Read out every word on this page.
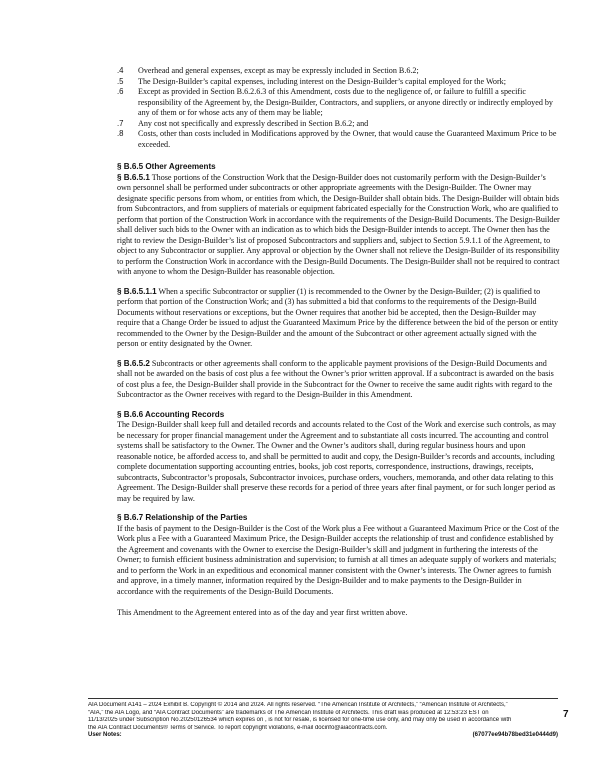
.4	Overhead and general expenses, except as may be expressly included in Section B.6.2;
.5	The Design-Builder’s capital expenses, including interest on the Design-Builder’s capital employed for the Work;
.6	Except as provided in Section B.6.2.6.3 of this Amendment, costs due to the negligence of, or failure to fulfill a specific responsibility of the Agreement by, the Design-Builder, Contractors, and suppliers, or anyone directly or indirectly employed by any of them or for whose acts any of them may be liable;
.7	Any cost not specifically and expressly described in Section B.6.2; and
.8	Costs, other than costs included in Modifications approved by the Owner, that would cause the Guaranteed Maximum Price to be exceeded.
§ B.6.5 Other Agreements

§ B.6.5.1 Those portions of the Construction Work that the Design-Builder does not customarily perform with the Design-Builder’s own personnel shall be performed under subcontracts or other appropriate agreements with the Design-Builder. The Owner may designate specific persons from whom, or entities from which, the Design-Builder shall obtain bids. The Design-Builder will obtain bids from Subcontractors, and from suppliers of materials or equipment fabricated especially for the Construction Work, who are qualified to perform that portion of the Construction Work in accordance with the requirements of the Design-Build Documents. The Design-Builder shall deliver such bids to the Owner with an indication as to which bids the Design-Builder intends to accept. The Owner then has the right to review the Design-Builder’s list of proposed Subcontractors and suppliers and, subject to Section 5.9.1.1 of the Agreement, to object to any Subcontractor or supplier. Any approval or objection by the Owner shall not relieve the Design-Builder of its responsibility to perform the Construction Work in accordance with the Design-Build Documents. The Design-Builder shall not be required to contract with anyone to whom the Design-Builder has reasonable objection.

§ B.6.5.1.1 When a specific Subcontractor or supplier (1) is recommended to the Owner by the Design-Builder; (2) is qualified to perform that portion of the Construction Work; and (3) has submitted a bid that conforms to the requirements of the Design-Build Documents without reservations or exceptions, but the Owner requires that another bid be accepted, then the Design-Builder may require that a Change Order be issued to adjust the Guaranteed Maximum Price by the difference between the bid of the person or entity recommended to the Owner by the Design-Builder and the amount of the Subcontract or other agreement actually signed with the person or entity designated by the Owner.

§ B.6.5.2 Subcontracts or other agreements shall conform to the applicable payment provisions of the Design-Build Documents and shall not be awarded on the basis of cost plus a fee without the Owner’s prior written approval. If a subcontract is awarded on the basis of cost plus a fee, the Design-Builder shall provide in the Subcontract for the Owner to receive the same audit rights with regard to the Subcontractor as the Owner receives with regard to the Design-Builder in this Amendment.

§ B.6.6 Accounting Records

The Design-Builder shall keep full and detailed records and accounts related to the Cost of the Work and exercise such controls, as may be necessary for proper financial management under the Agreement and to substantiate all costs incurred. The accounting and control systems shall be satisfactory to the Owner. The Owner and the Owner’s auditors shall, during regular business hours and upon reasonable notice, be afforded access to, and shall be permitted to audit and copy, the Design-Builder’s records and accounts, including complete documentation supporting accounting entries, books, job cost reports, correspondence, instructions, drawings, receipts, subcontracts, Subcontractor’s proposals, Subcontractor invoices, purchase orders, vouchers, memoranda, and other data relating to this Agreement. The Design-Builder shall preserve these records for a period of three years after final payment, or for such longer period as may be required by law.

§ B.6.7 Relationship of the Parties

If the basis of payment to the Design-Builder is the Cost of the Work plus a Fee without a Guaranteed Maximum Price or the Cost of the Work plus a Fee with a Guaranteed Maximum Price, the Design-Builder accepts the relationship of trust and confidence established by the Agreement and covenants with the Owner to exercise the Design-Builder’s skill and judgment in furthering the interests of the Owner; to furnish efficient business administration and supervision; to furnish at all times an adequate supply of workers and materials; and to perform the Work in an expeditious and economical manner consistent with the Owner’s interests. The Owner agrees to furnish and approve, in a timely manner, information required by the Design-Builder and to make payments to the Design-Builder in accordance with the requirements of the Design-Build Documents.

This Amendment to the Agreement entered into as of the day and year first written above.

AIA Document A141 – 2024 Exhibit B. Copyright © 2014 and 2024. All rights reserved. “The American Institute of Architects,” “American Institute of Architects,”
“AIA,” the AIA Logo, and “AIA Contract Documents” are trademarks of The American Institute of Architects. This draft was produced at 12:53:23 EST on
11/13/2025 under Subscription No.20250126534 which expires on , is not for resale, is licensed for one-time use only, and may only be used in accordance with
the AIA Contract Documents® Terms of Service. To report copyright violations, e-mail docinfo@aiacontracts.com.
User Notes:	(67077ee94b78bed31e0444d9)
7
